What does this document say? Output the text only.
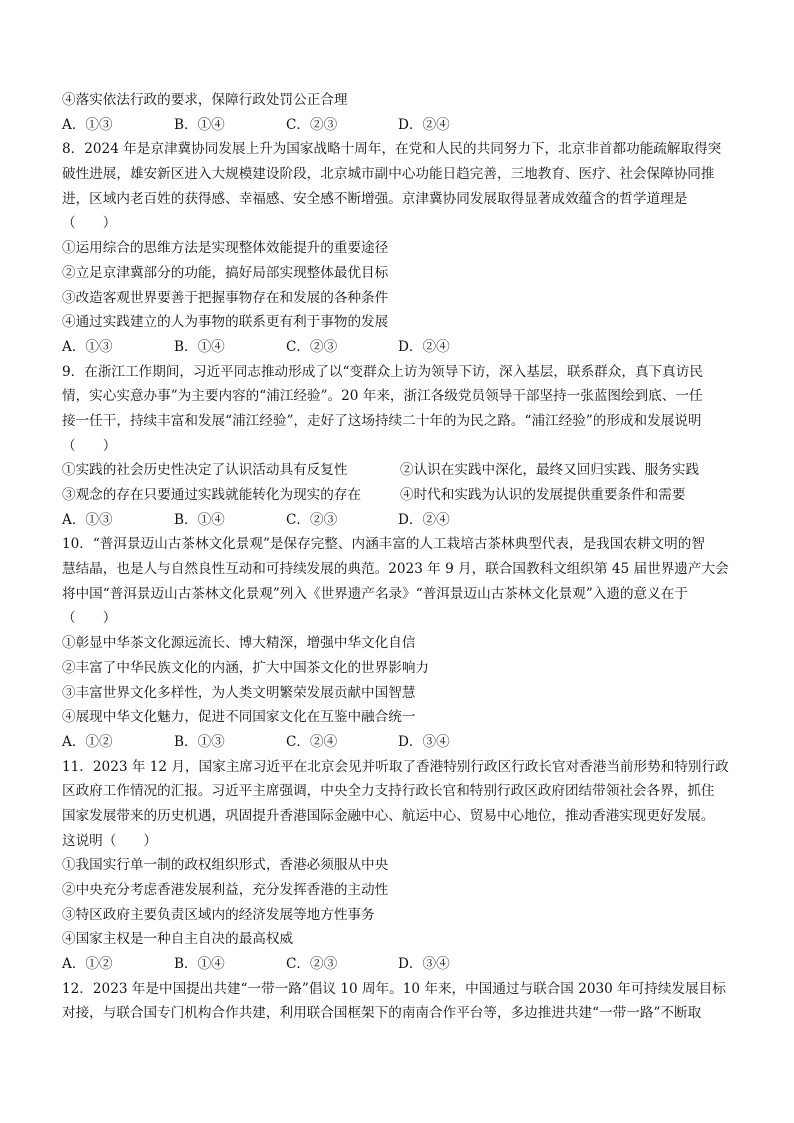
④落实依法行政的要求，保障行政处罚公正合理
A．①③	B．①④	C．②③	D．②④
8．2024 年是京津冀协同发展上升为国家战略十周年，在党和人民的共同努力下，北京非首都功能疏解取得突
破性进展，雄安新区进入大规模建设阶段，北京城市副中心功能日趋完善，三地教育、医疗、社会保障协同推
进，区域内老百姓的获得感、幸福感、安全感不断增强。京津冀协同发展取得显著成效蕴含的哲学道理是
（　　）
①运用综合的思维方法是实现整体效能提升的重要途径
②立足京津冀部分的功能，搞好局部实现整体最优目标
③改造客观世界要善于把握事物存在和发展的各种条件
④通过实践建立的人为事物的联系更有利于事物的发展
A．①③	B．①④	C．②③	D．②④
9．在浙江工作期间，习近平同志推动形成了以“变群众上访为领导下访，深入基层，联系群众，真下真访民
情，实心实意办事”为主要内容的“浦江经验”。20 年来，浙江各级党员领导干部坚持一张蓝图绘到底、一任
接一任干，持续丰富和发展“浦江经验”，走好了这场持续二十年的为民之路。“浦江经验”的形成和发展说明
（　　）
①实践的社会历史性决定了认识活动具有反复性	②认识在实践中深化，最终又回归实践、服务实践
③观念的存在只要通过实践就能转化为现实的存在	④时代和实践为认识的发展提供重要条件和需要
A．①③	B．①④	C．②③	D．②④
10．“普洱景迈山古茶林文化景观”是保存完整、内涵丰富的人工栽培古茶林典型代表，是我国农耕文明的智
慧结晶，也是人与自然良性互动和可持续发展的典范。2023 年 9 月，联合国教科文组织第 45 届世界遗产大会
将中国“普洱景迈山古茶林文化景观”列入《世界遗产名录》“普洱景迈山古茶林文化景观”入遗的意义在于
（　　）
①彰显中华茶文化源远流长、博大精深，增强中华文化自信
②丰富了中华民族文化的内涵，扩大中国茶文化的世界影响力
③丰富世界文化多样性，为人类文明繁荣发展贡献中国智慧
④展现中华文化魅力，促进不同国家文化在互鉴中融合统一
A．①②	B．①③	C．②④	D．③④
11．2023 年 12 月，国家主席习近平在北京会见并听取了香港特别行政区行政长官对香港当前形势和特别行政
区政府工作情况的汇报。习近平主席强调，中央全力支持行政长官和特别行政区政府团结带领社会各界，抓住
国家发展带来的历史机遇，巩固提升香港国际金融中心、航运中心、贸易中心地位，推动香港实现更好发展。
这说明（　　）
①我国实行单一制的政权组织形式，香港必须服从中央
②中央充分考虑香港发展利益，充分发挥香港的主动性
③特区政府主要负责区域内的经济发展等地方性事务
④国家主权是一种自主自决的最高权威
A．①②	B．①④	C．②③	D．③④
12．2023 年是中国提出共建“一带一路”倡议 10 周年。10 年来，中国通过与联合国 2030 年可持续发展目标
对接，与联合国专门机构合作共建，利用联合国框架下的南南合作平台等，多边推进共建“一带一路”不断取
